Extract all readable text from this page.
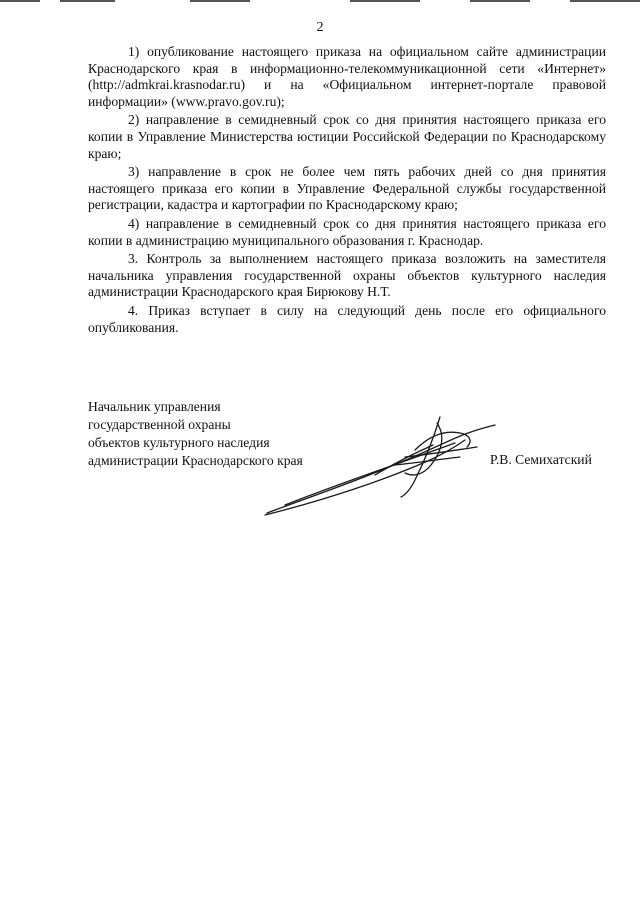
2

1) опубликование настоящего приказа на официальном сайте администрации Краснодарского края в информационно-телекоммуникационной сети «Интернет» (http://admkrai.krasnodar.ru) и на «Официальном интернет-портале правовой информации» (www.pravo.gov.ru);

2) направление в семидневный срок со дня принятия настоящего приказа его копии в Управление Министерства юстиции Российской Федерации по Краснодарскому краю;

3) направление в срок не более чем пять рабочих дней со дня принятия настоящего приказа его копии в Управление Федеральной службы государственной регистрации, кадастра и картографии по Краснодарскому краю;

4) направление в семидневный срок со дня принятия настоящего приказа его копии в администрацию муниципального образования г. Краснодар.

3. Контроль за выполнением настоящего приказа возложить на заместителя начальника управления государственной охраны объектов культурного наследия администрации Краснодарского края Бирюкову Н.Т.

4. Приказ вступает в силу на следующий день после его официального опубликования.

Начальник управления
государственной охраны
объектов культурного наследия
администрации Краснодарского края	Р.В. Семихатский
